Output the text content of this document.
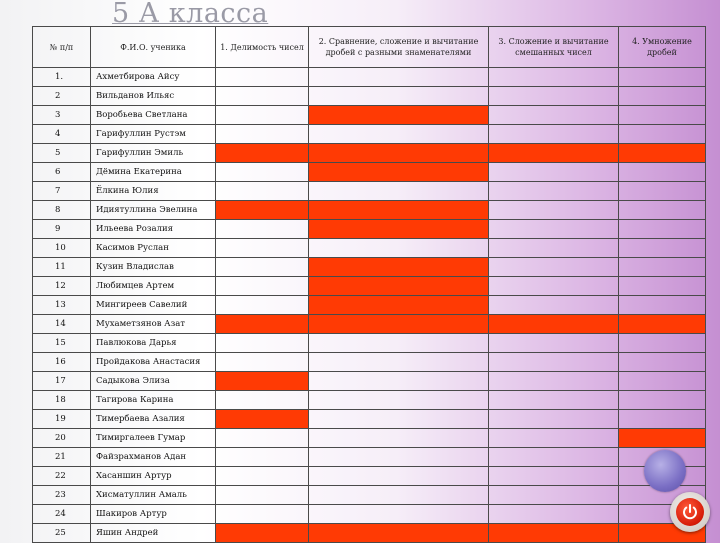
5 А класса
№ п/п	Ф.И.О. ученика	1. Делимость чисел	2. Сравнение, сложение и вычитание дробей с разными знаменателями	3. Сложение и вычитание смешанных чисел	4. Умножение дробей
1.	Ахметбирова Айсу				
2	Вильданов Ильяс				
3	Воробьева Светлана				
4	Гарифуллин Рустэм				
5	Гарифуллин Эмиль				
6	Дёмина Екатерина				
7	Ёлкина Юлия				
8	Идиятуллина Эвелина				
9	Ильеева Розалия				
10	Касимов Руслан				
11	Кузин Владислав				
12	Любимцев Артем				
13	Мингиреев Савелий				
14	Мухаметзянов Азат				
15	Павлюкова Дарья				
16	Пройдакова Анастасия				
17	Садыкова Элиза				
18	Тагирова Карина				
19	Тимербаева Азалия				
20	Тимиргалеев Гумар				
21	Файзрахманов Адан				
22	Хасаншин Артур				
23	Хисматуллин Амаль				
24	Шакиров Артур				
25	Яшин Андрей				
